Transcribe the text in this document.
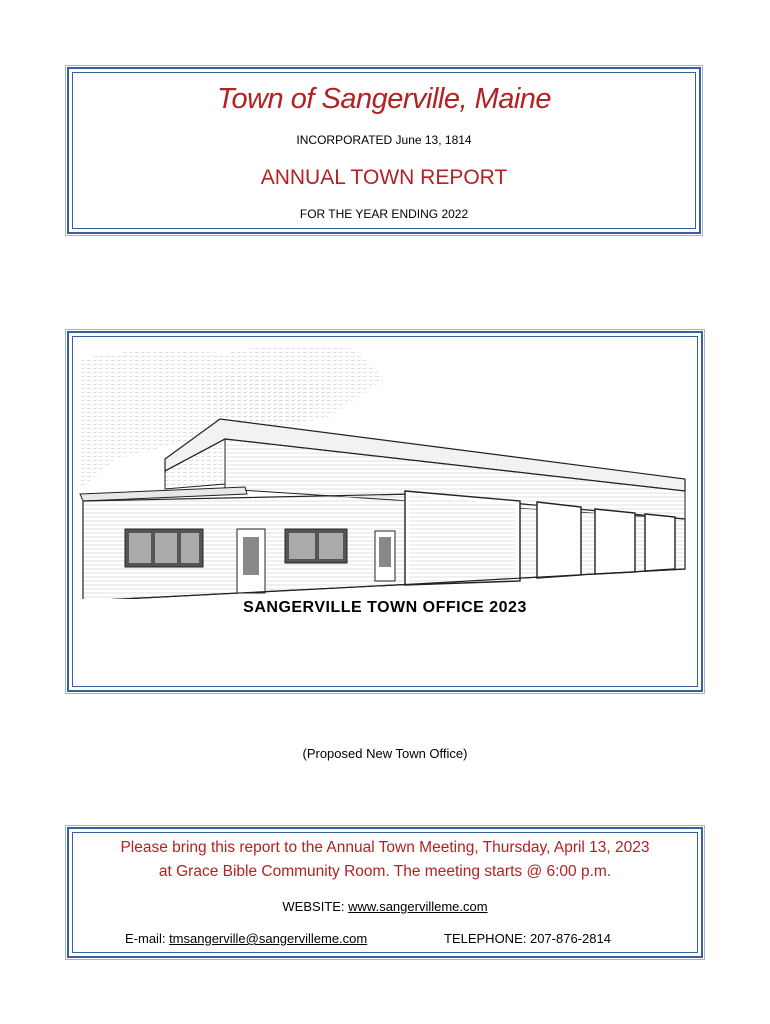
Town of Sangerville, Maine
INCORPORATED June 13, 1814
ANNUAL TOWN REPORT
FOR THE YEAR ENDING 2022
SANGERVILLE TOWN OFFICE 2023
(Proposed New Town Office)
Please bring this report to the Annual Town Meeting, Thursday, April 13, 2023
at Grace Bible Community Room. The meeting starts @ 6:00 p.m.
WEBSITE: www.sangervilleme.com
E-mail: tmsangerville@sangervilleme.com	TELEPHONE: 207-876-2814
